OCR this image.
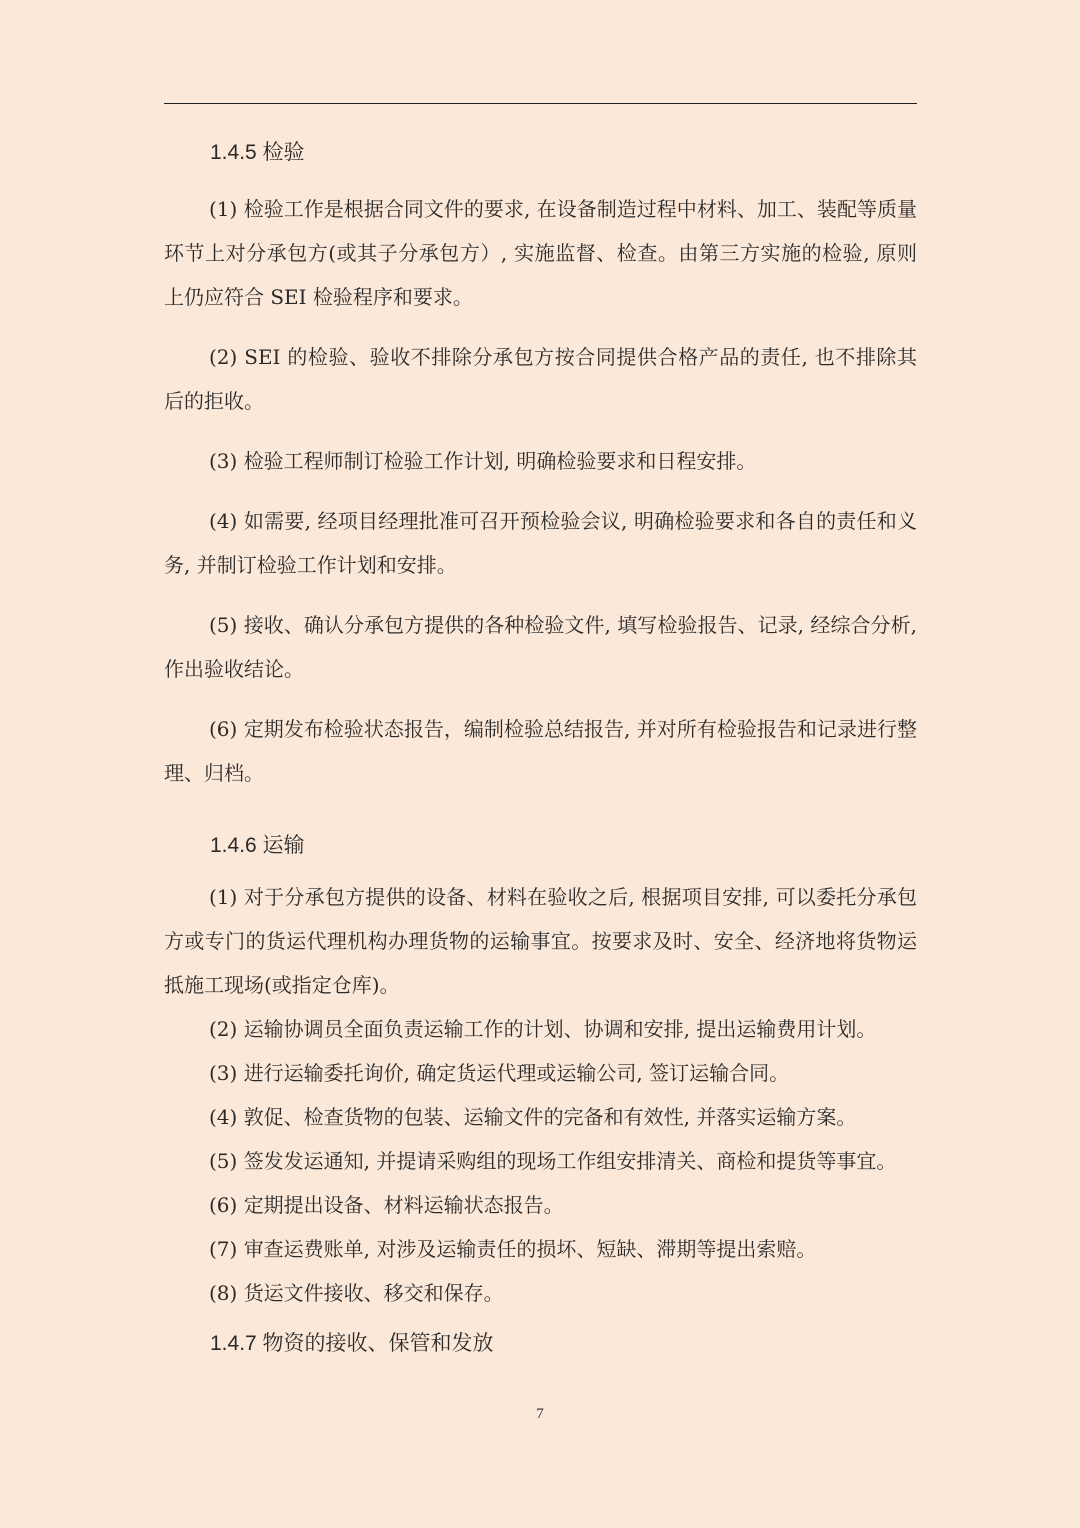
1.4.5 检验

(1) 检验工作是根据合同文件的要求, 在设备制造过程中材料、加工、装配等质量环节上对分承包方(或其子分承包方）, 实施监督、检查。由第三方实施的检验, 原则上仍应符合 SEI 检验程序和要求。

(2) SEI 的检验、验收不排除分承包方按合同提供合格产品的责任, 也不排除其后的拒收。

(3) 检验工程师制订检验工作计划, 明确检验要求和日程安排。

(4) 如需要, 经项目经理批准可召开预检验会议, 明确检验要求和各自的责任和义务, 并制订检验工作计划和安排。

(5) 接收、确认分承包方提供的各种检验文件, 填写检验报告、记录, 经综合分析, 作出验收结论。

(6) 定期发布检验状态报告，编制检验总结报告, 并对所有检验报告和记录进行整理、归档。

1.4.6 运输

(1) 对于分承包方提供的设备、材料在验收之后, 根据项目安排, 可以委托分承包方或专门的货运代理机构办理货物的运输事宜。按要求及时、安全、经济地将货物运抵施工现场(或指定仓库)。

(2) 运输协调员全面负责运输工作的计划、协调和安排, 提出运输费用计划。

(3) 进行运输委托询价, 确定货运代理或运输公司, 签订运输合同。

(4) 敦促、检查货物的包装、运输文件的完备和有效性, 并落实运输方案。

(5) 签发发运通知, 并提请采购组的现场工作组安排清关、商检和提货等事宜。

(6) 定期提出设备、材料运输状态报告。

(7) 审查运费账单, 对涉及运输责任的损坏、短缺、滞期等提出索赔。

(8) 货运文件接收、移交和保存。

1.4.7 物资的接收、保管和发放
7
